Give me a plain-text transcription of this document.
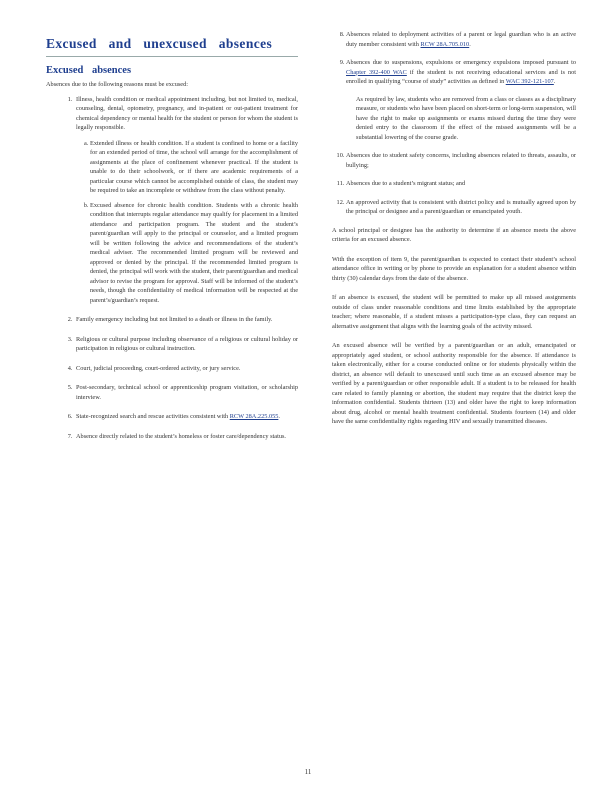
Excused and unexcused absences
Excused absences

Absences due to the following reasons must be excused:

1. Illness, health condition or medical appointment including, but not limited to, medical, counseling, dental, optometry, pregnancy, and in-patient or out-patient treatment for chemical dependency or mental health for the student or person for whom the student is legally responsible.
a. Extended illness or health condition. If a student is confined to home or a facility for an extended period of time, the school will arrange for the accomplishment of assignments at the place of confinement whenever practical. If the student is unable to do their schoolwork, or if there are academic requirements of a particular course which cannot be accomplished outside of class, the student may be required to take an incomplete or withdraw from the class without penalty.
b. Excused absence for chronic health condition. Students with a chronic health condition that interrupts regular attendance may qualify for placement in a limited attendance and participation program. The student and the student’s parent/guardian will apply to the principal or counselor, and a limited program will be written following the advice and recommendations of the student’s medical adviser. The recommended limited program will be reviewed and approved or denied by the principal. If the recommended limited program is denied, the principal will work with the student, their parent/guardian and medical advisor to revise the program for approval. Staff will be informed of the student’s needs, though the confidentiality of medical information will be respected at the parent’s/guardian’s request.
2. Family emergency including but not limited to a death or illness in the family.
3. Religious or cultural purpose including observance of a religious or cultural holiday or participation in religious or cultural instruction.
4. Court, judicial proceeding, court-ordered activity, or jury service.
5. Post-secondary, technical school or apprenticeship program visitation, or scholarship interview.
6. State-recognized search and rescue activities consistent with RCW 28A.225.055.
7. Absence directly related to the student’s homeless or foster care/dependency status.
8. Absences related to deployment activities of a parent or legal guardian who is an active duty member consistent with RCW 28A.705.010.
9. Absences due to suspensions, expulsions or emergency expulsions imposed pursuant to Chapter 392-400 WAC if the student is not receiving educational services and is not enrolled in qualifying “course of study” activities as defined in WAC 392-121-107.

As required by law, students who are removed from a class or classes as a disciplinary measure, or students who have been placed on short-term or long-term suspension, will have the right to make up assignments or exams missed during the time they were denied entry to the classroom if the effect of the missed assignments will be a substantial lowering of the course grade.

10. Absences due to student safety concerns, including absences related to threats, assaults, or bullying;
11. Absences due to a student’s migrant status; and
12. An approved activity that is consistent with district policy and is mutually agreed upon by the principal or designee and a parent/guardian or emancipated youth.

A school principal or designee has the authority to determine if an absence meets the above criteria for an excused absence.

With the exception of item 9, the parent/guardian is expected to contact their student’s school attendance office in writing or by phone to provide an explanation for a student absence within thirty (30) calendar days from the date of the absence.

If an absence is excused, the student will be permitted to make up all missed assignments outside of class under reasonable conditions and time limits established by the appropriate teacher; where reasonable, if a student misses a participation-type class, they can request an alternative assignment that aligns with the learning goals of the activity missed.

An excused absence will be verified by a parent/guardian or an adult, emancipated or appropriately aged student, or school authority responsible for the absence. If attendance is taken electronically, either for a course conducted online or for students physically within the district, an absence will default to unexcused until such time as an excused absence may be verified by a parent/guardian or other responsible adult. If a student is to be released for health care related to family planning or abortion, the student may require that the district keep the information confidential. Students thirteen (13) and older have the right to keep information about drug, alcohol or mental health treatment confidential. Students fourteen (14) and older have the same confidentiality rights regarding HIV and sexually transmitted diseases.

11
